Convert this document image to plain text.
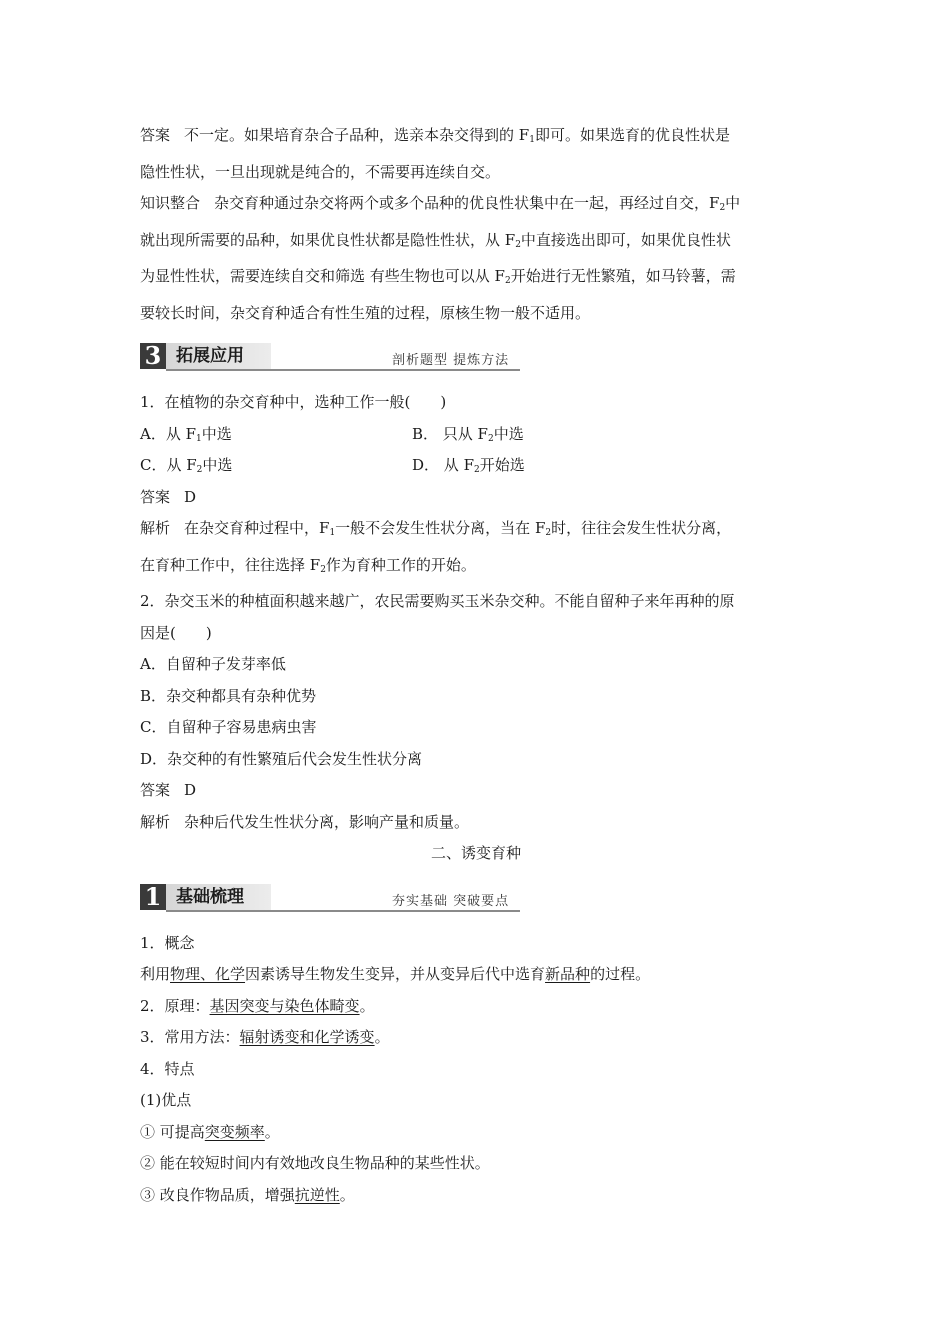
答案 不一定。如果培育杂合子品种，选亲本杂交得到的 $F_1$即可。如果选育的优良性状是

隐性性状，一旦出现就是纯合的，不需要再连续自交。

知识整合 杂交育种通过杂交将两个或多个品种的优良性状集中在一起，再经过自交，$F_2$中

就出现所需要的品种，如果优良性状都是隐性性状，从 $F_2$中直接选出即可，如果优良性状

为显性性状，需要连续自交和筛选 有些生物也可以从 $F_2$开始进行无性繁殖，如马铃薯，需

要较长时间，杂交育种适合有性生殖的过程，原核生物一般不适用。

3 拓展应用	剖析题型 提炼方法

1．在植物的杂交育种中，选种工作一般(　　)

A．从 $F_1$中选	B． 只从 $F_2$中选
C．从 $F_2$中选	D． 从 $F_2$开始选

答案 D

解析 在杂交育种过程中，$F_1$一般不会发生性状分离，当在 $F_2$时，往往会发生性状分离，

在育种工作中，往往选择 $F_2$作为育种工作的开始。

2．杂交玉米的种植面积越来越广，农民需要购买玉米杂交种。不能自留种子来年再种的原

因是(　　)

A．自留种子发芽率低

B．杂交种都具有杂种优势

C．自留种子容易患病虫害

D．杂交种的有性繁殖后代会发生性状分离

答案 D

解析 杂种后代发生性状分离，影响产量和质量。

二、诱变育种

1 基础梳理	夯实基础 突破要点

1．概念

利用物理、化学因素诱导生物发生变异，并从变异后代中选育新品种的过程。

2．原理：基因突变与染色体畸变。

3．常用方法：辐射诱变和化学诱变。

4．特点

(1)优点

① 可提高突变频率。

② 能在较短时间内有效地改良生物品种的某些性状。

③ 改良作物品质，增强抗逆性。
